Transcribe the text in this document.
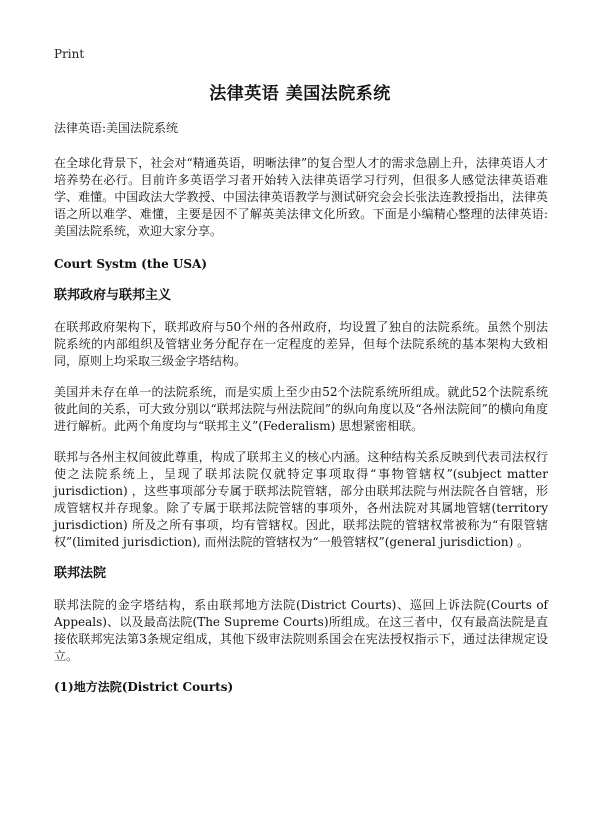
Print
法律英语 美国法院系统

法律英语:美国法院系统

在全球化背景下，社会对“精通英语，明晰法律”的复合型人才的需求急剧上升，法律英语人才培养势在必行。目前许多英语学习者开始转入法律英语学习行列，但很多人感觉法律英语难学、难懂。中国政法大学教授、中国法律英语教学与测试研究会会长张法连教授指出，法律英语之所以难学、难懂，主要是因不了解英美法律文化所致。下面是小编精心整理的法律英语:美国法院系统，欢迎大家分享。

Court Systm (the USA)
联邦政府与联邦主义

在联邦政府架构下，联邦政府与50个州的各州政府，均设置了独自的法院系统。虽然个别法院系统的内部组织及管辖业务分配存在一定程度的差异，但每个法院系统的基本架构大致相同，原则上均采取三级金字塔结构。

美国并未存在单一的法院系统，而是实质上至少由52个法院系统所组成。就此52个法院系统彼此间的关系，可大致分别以“联邦法院与州法院间”的纵向角度以及“各州法院间”的横向角度进行解析。此两个角度均与“联邦主义”(Federalism) 思想紧密相联。

联邦与各州主权间彼此尊重，构成了联邦主义的核心内涵。这种结构关系反映到代表司法权行使之法院系统上，呈现了联邦法院仅就特定事项取得“事物管辖权”(subject matter jurisdiction) ，这些事项部分专属于联邦法院管辖，部分由联邦法院与州法院各自管辖，形成管辖权并存现象。除了专属于联邦法院管辖的事项外，各州法院对其属地管辖(territory jurisdiction) 所及之所有事项，均有管辖权。因此，联邦法院的管辖权常被称为“有限管辖权”(limited jurisdiction), 而州法院的管辖权为“一般管辖权”(general jurisdiction) 。

联邦法院

联邦法院的金字塔结构，系由联邦地方法院(District Courts)、巡回上诉法院(Courts of Appeals)、以及最高法院(The Supreme Courts)所组成。在这三者中，仅有最高法院是直接依联邦宪法第3条规定组成，其他下级审法院则系国会在宪法授权指示下，通过法律规定设立。

(1)地方法院(District Courts)
